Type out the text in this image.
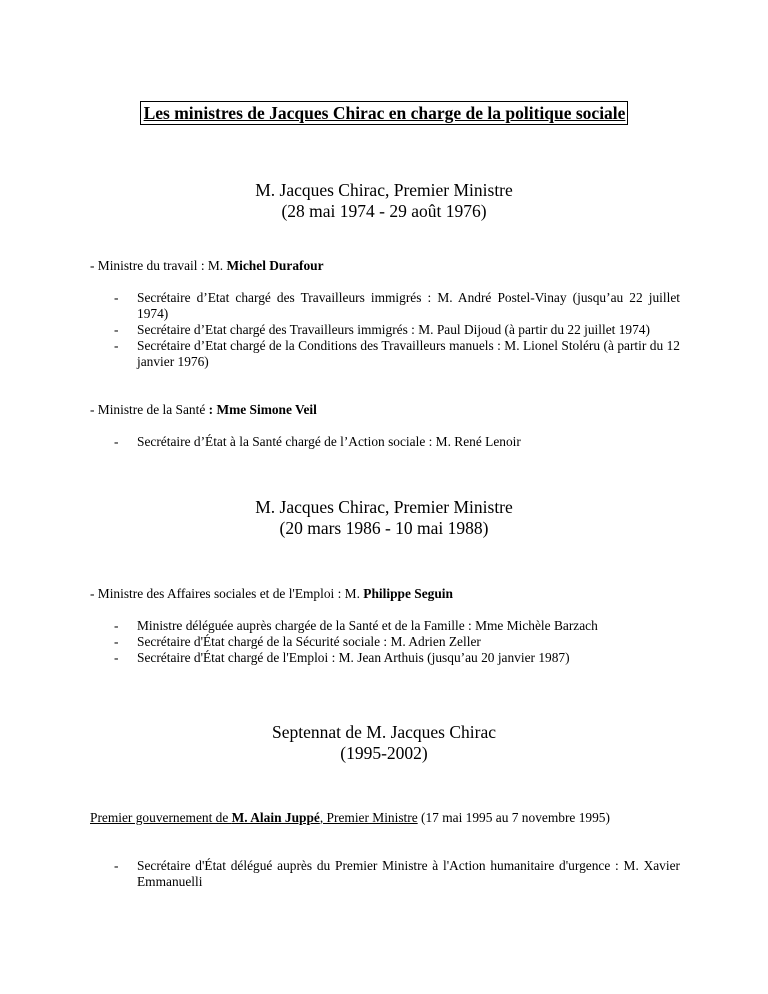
Les ministres de Jacques Chirac en charge de la politique sociale
M. Jacques Chirac, Premier Ministre
(28 mai 1974 - 29 août 1976)
- Ministre du travail : M. Michel Durafour
- Secrétaire d’Etat chargé des Travailleurs immigrés : M. André Postel-Vinay (jusqu’au 22 juillet 1974)
- Secrétaire d’Etat chargé des Travailleurs immigrés : M. Paul Dijoud (à partir du 22 juillet 1974)
- Secrétaire d’Etat chargé de la Conditions des Travailleurs manuels : M. Lionel Stoléru (à partir du 12 janvier 1976)
- Ministre de la Santé : Mme Simone Veil
- Secrétaire d’État à la Santé chargé de l’Action sociale : M. René Lenoir
M. Jacques Chirac, Premier Ministre
(20 mars 1986 - 10 mai 1988)
- Ministre des Affaires sociales et de l'Emploi : M. Philippe Seguin
- Ministre déléguée auprès chargée de la Santé et de la Famille : Mme Michèle Barzach
- Secrétaire d'État chargé de la Sécurité sociale : M. Adrien Zeller
- Secrétaire d'État chargé de l'Emploi : M. Jean Arthuis (jusqu’au 20 janvier 1987)
Septennat de M. Jacques Chirac
(1995-2002)
Premier gouvernement de M. Alain Juppé, Premier Ministre (17 mai 1995 au 7 novembre 1995)
- Secrétaire d'État délégué auprès du Premier Ministre à l'Action humanitaire d'urgence : M. Xavier Emmanuelli
